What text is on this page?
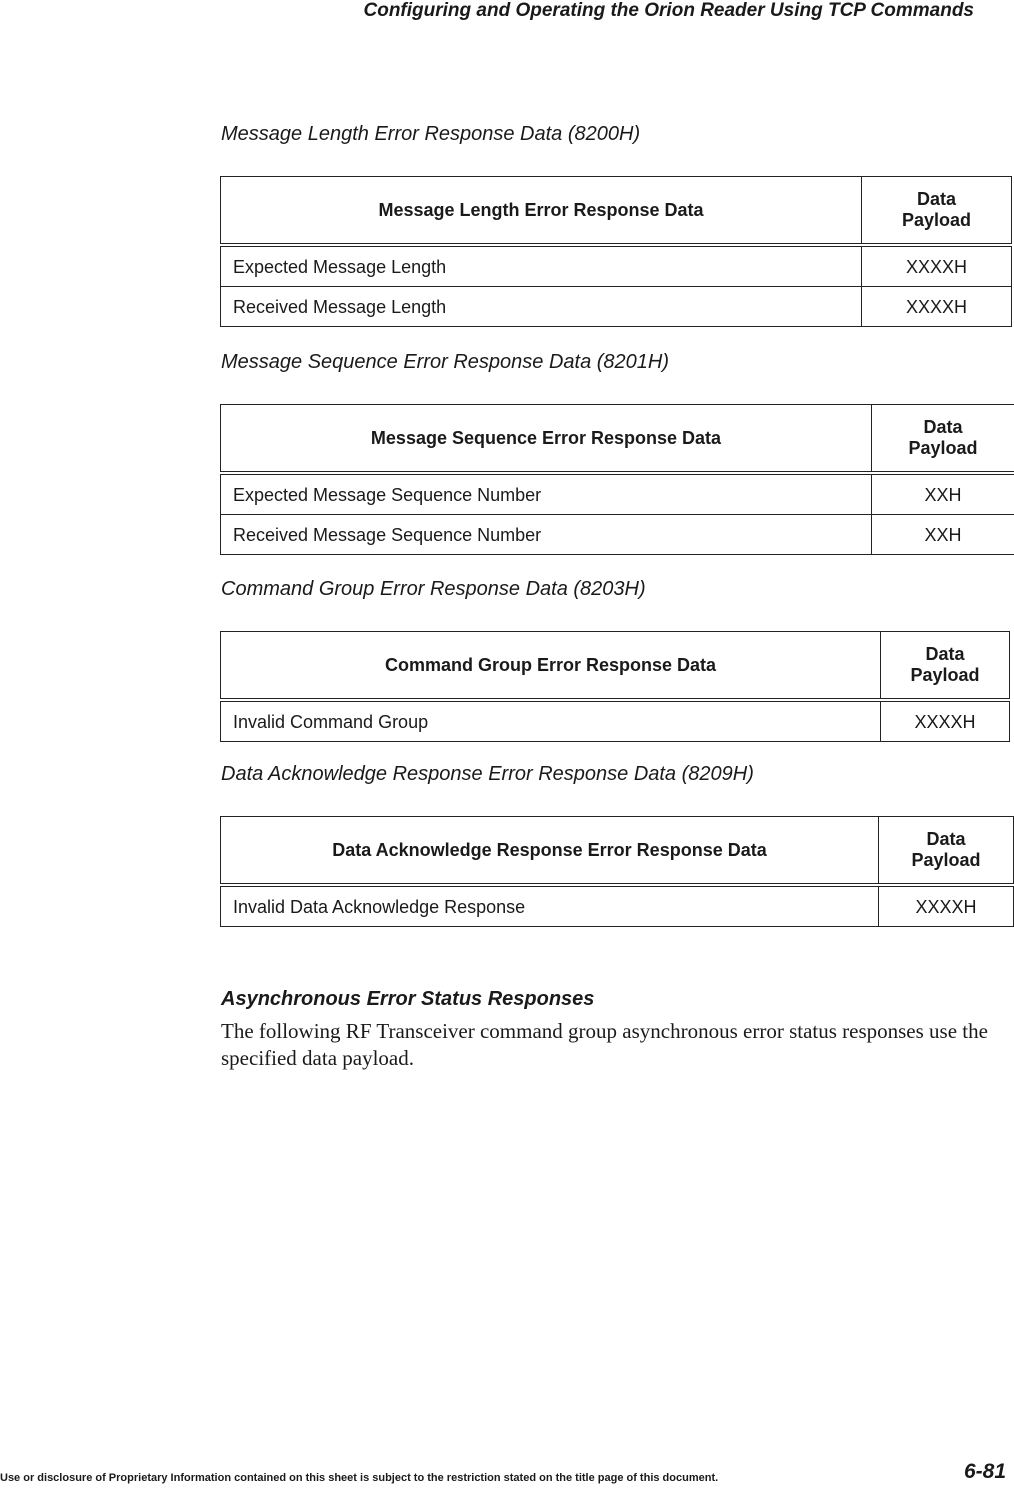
Configuring and Operating the Orion Reader Using TCP Commands
Message Length Error Response Data (8200H)
Message Length Error Response Data	Data
Payload
Expected Message Length	XXXXH
Received Message Length	XXXXH
Message Sequence Error Response Data (8201H)
Message Sequence Error Response Data	Data
Payload
Expected Message Sequence Number	XXH
Received Message Sequence Number	XXH
Command Group Error Response Data (8203H)
Command Group Error Response Data	Data
Payload
Invalid Command Group	XXXXH
Data Acknowledge Response Error Response Data (8209H)
Data Acknowledge Response Error Response Data	Data
Payload
Invalid Data Acknowledge Response	XXXXH
Asynchronous Error Status Responses
The following RF Transceiver command group asynchronous error status responses use the specified data payload.
Use or disclosure of Proprietary Information contained on this sheet is subject to the restriction stated on the title page of this document.	6-81
